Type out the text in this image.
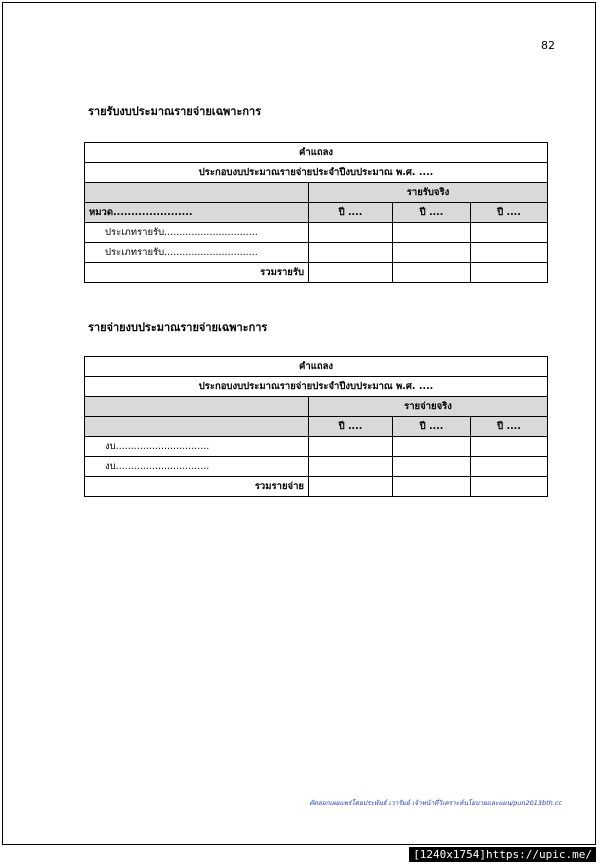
82
รายรับงบประมาณรายจ่ายเฉพาะการ
คำแถลง			
ประกอบงบประมาณรายจ่ายประจำปีงบประมาณ พ.ศ. ....			
	รายรับจริง		
หมวด......................	ปี ....	ปี ....	ปี ....
ประเภทรายรับ...............................			
ประเภทรายรับ...............................			
รวมรายรับ			
รายจ่ายงบประมาณรายจ่ายเฉพาะการ
คำแถลง			
ประกอบงบประมาณรายจ่ายประจำปีงบประมาณ พ.ศ. ....			
	รายจ่ายจริง		
	ปี ....	ปี ....	ปี ....
งบ...............................			
งบ...............................			
รวมรายจ่าย			
คัดลอกเผยแพร่โดยประพันธ์ เวารัมย์ เจ้าหน้าที่วิเคราะห์นโยบายและแผน/pun2013bth.cc
[1240x1754]https://upic.me/
